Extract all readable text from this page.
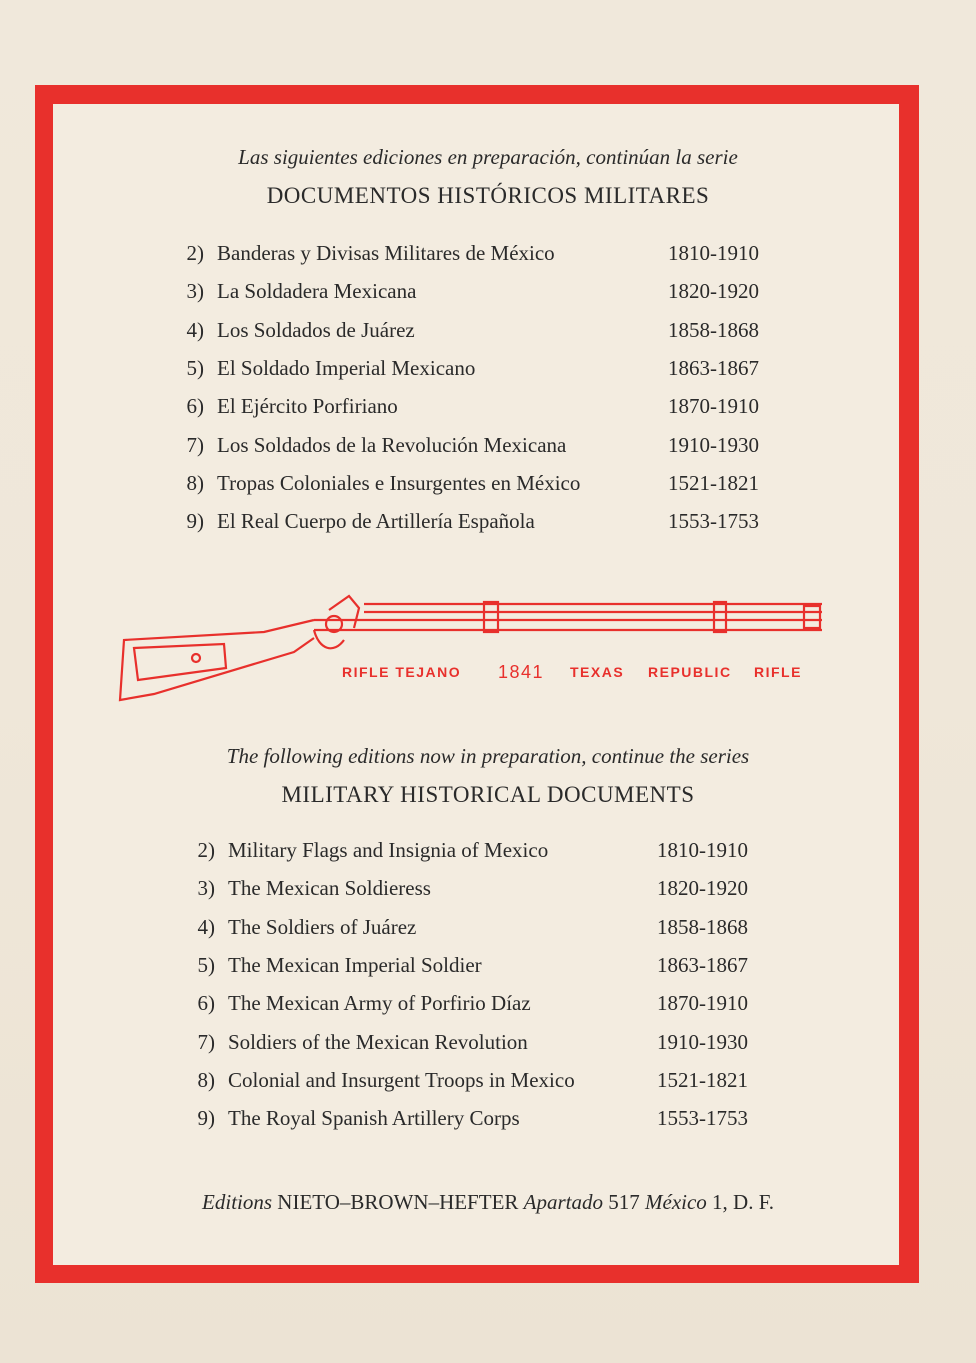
Las siguientes ediciones en preparación, continúan la serie
DOCUMENTOS HISTÓRICOS MILITARES
2) Banderas y Divisas Militares de México	1810-1910
3) La Soldadera Mexicana	1820-1920
4) Los Soldados de Juárez	1858-1868
5) El Soldado Imperial Mexicano	1863-1867
6) El Ejército Porfiriano	1870-1910
7) Los Soldados de la Revolución Mexicana	1910-1930
8) Tropas Coloniales e Insurgentes en México	1521-1821
9) El Real Cuerpo de Artillería Española	1553-1753
RIFLE TEJANO 1841 TEXAS REPUBLIC RIFLE
The following editions now in preparation, continue the series
MILITARY HISTORICAL DOCUMENTS
2) Military Flags and Insignia of Mexico	1810-1910
3) The Mexican Soldieress	1820-1920
4) The Soldiers of Juárez	1858-1868
5) The Mexican Imperial Soldier	1863-1867
6) The Mexican Army of Porfirio Díaz	1870-1910
7) Soldiers of the Mexican Revolution	1910-1930
8) Colonial and Insurgent Troops in Mexico	1521-1821
9) The Royal Spanish Artillery Corps	1553-1753
Editions NIETO–BROWN–HEFTER Apartado 517 México 1, D. F.
